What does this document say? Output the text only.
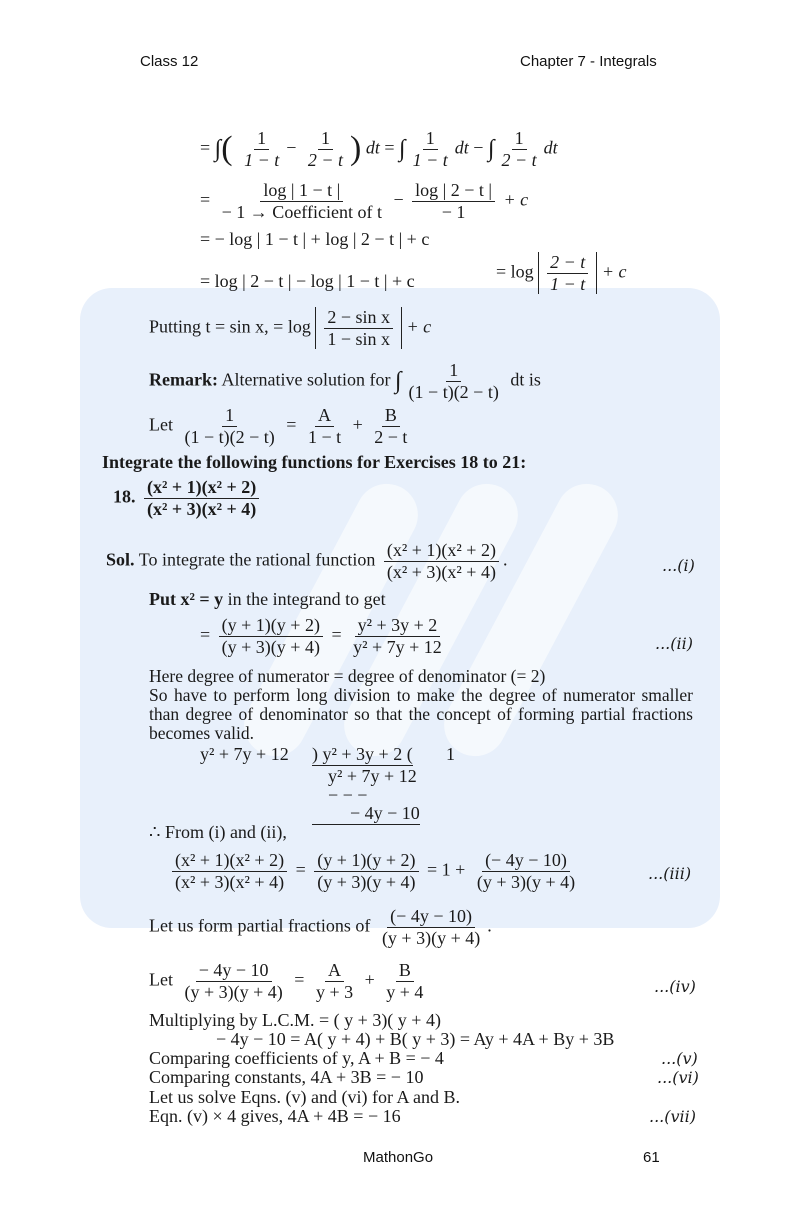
Class 12	Chapter 7 - Integrals
= ∫( $\frac{1}{1 - t} - \frac{1}{2 - t}$ ) dt = ∫ $\frac{1}{1 - t}$ dt − ∫ $\frac{1}{2 - t}$ dt
= $\frac{\log | 1 - t |}{\text{− 1 → Coefficient of t}} - \frac{\log | 2 - t |}{- 1} + c$
= − log | 1 − t | + log | 2 − t | + c
= log | 2 − t | − log | 1 − t | + c	= $\log \frac{2 - t}{1 - t} + c$
Putting t = sin x, = $\log \frac{\text{2 − sin x}}{\text{1 − sin x}} + c$
Remark: Alternative solution for ∫ $\frac{1}{(1 - t)(2 - t)}$ dt is
Let $\frac{1}{(1 - t)(2 - t)} = \frac{A}{1 - t} + \frac{B}{2 - t}$
Integrate the following functions for Exercises 18 to 21:
18. $\frac{\text{(x² + 1)(x² + 2)}}{\text{(x² + 3)(x² + 4)}}$
Sol. To integrate the rational function $\frac{\text{(x² + 1)(x² + 2)}}{\text{(x² + 3)(x² + 4)}}$ .	...(i)
Put x² = y in the integrand to get
= $\frac{(y + 1)(y + 2)}{(y + 3)(y + 4)} = \frac{\text{y² + 3y + 2}}{\text{y² + 7y + 12}}$	...(ii)
Here degree of numerator = degree of denominator (= 2)
So have to perform long division to make the degree of numerator smaller than degree of denominator so that the concept of forming partial fractions becomes valid.
y² + 7y + 12 ) y² + 3y + 2 ( 1
y² + 7y + 12
− − −
− 4y − 10
∴ From (i) and (ii),
$\frac{\text{(x² + 1)(x² + 2)}}{\text{(x² + 3)(x² + 4)}} = \frac{(y + 1)(y + 2)}{(y + 3)(y + 4)} = 1 + \frac{(- 4y - 10)}{(y + 3)(y + 4)}$	...(iii)
Let us form partial fractions of $\frac{(- 4y - 10)}{(y + 3)(y + 4)}$ .
Let $\frac{- 4y - 10}{(y + 3)(y + 4)} = \frac{A}{y + 3} + \frac{B}{y + 4}$	...(iv)
Multiplying by L.C.M. = ( y + 3)( y + 4)
− 4y − 10 = A( y + 4) + B( y + 3) = Ay + 4A + By + 3B
Comparing coefficients of y, A + B = − 4	...(v)
Comparing constants, 4A + 3B = − 10	...(vi)
Let us solve Eqns. (v) and (vi) for A and B.
Eqn. (v) × 4 gives, 4A + 4B = − 16	...(vii)
MathonGo	61
